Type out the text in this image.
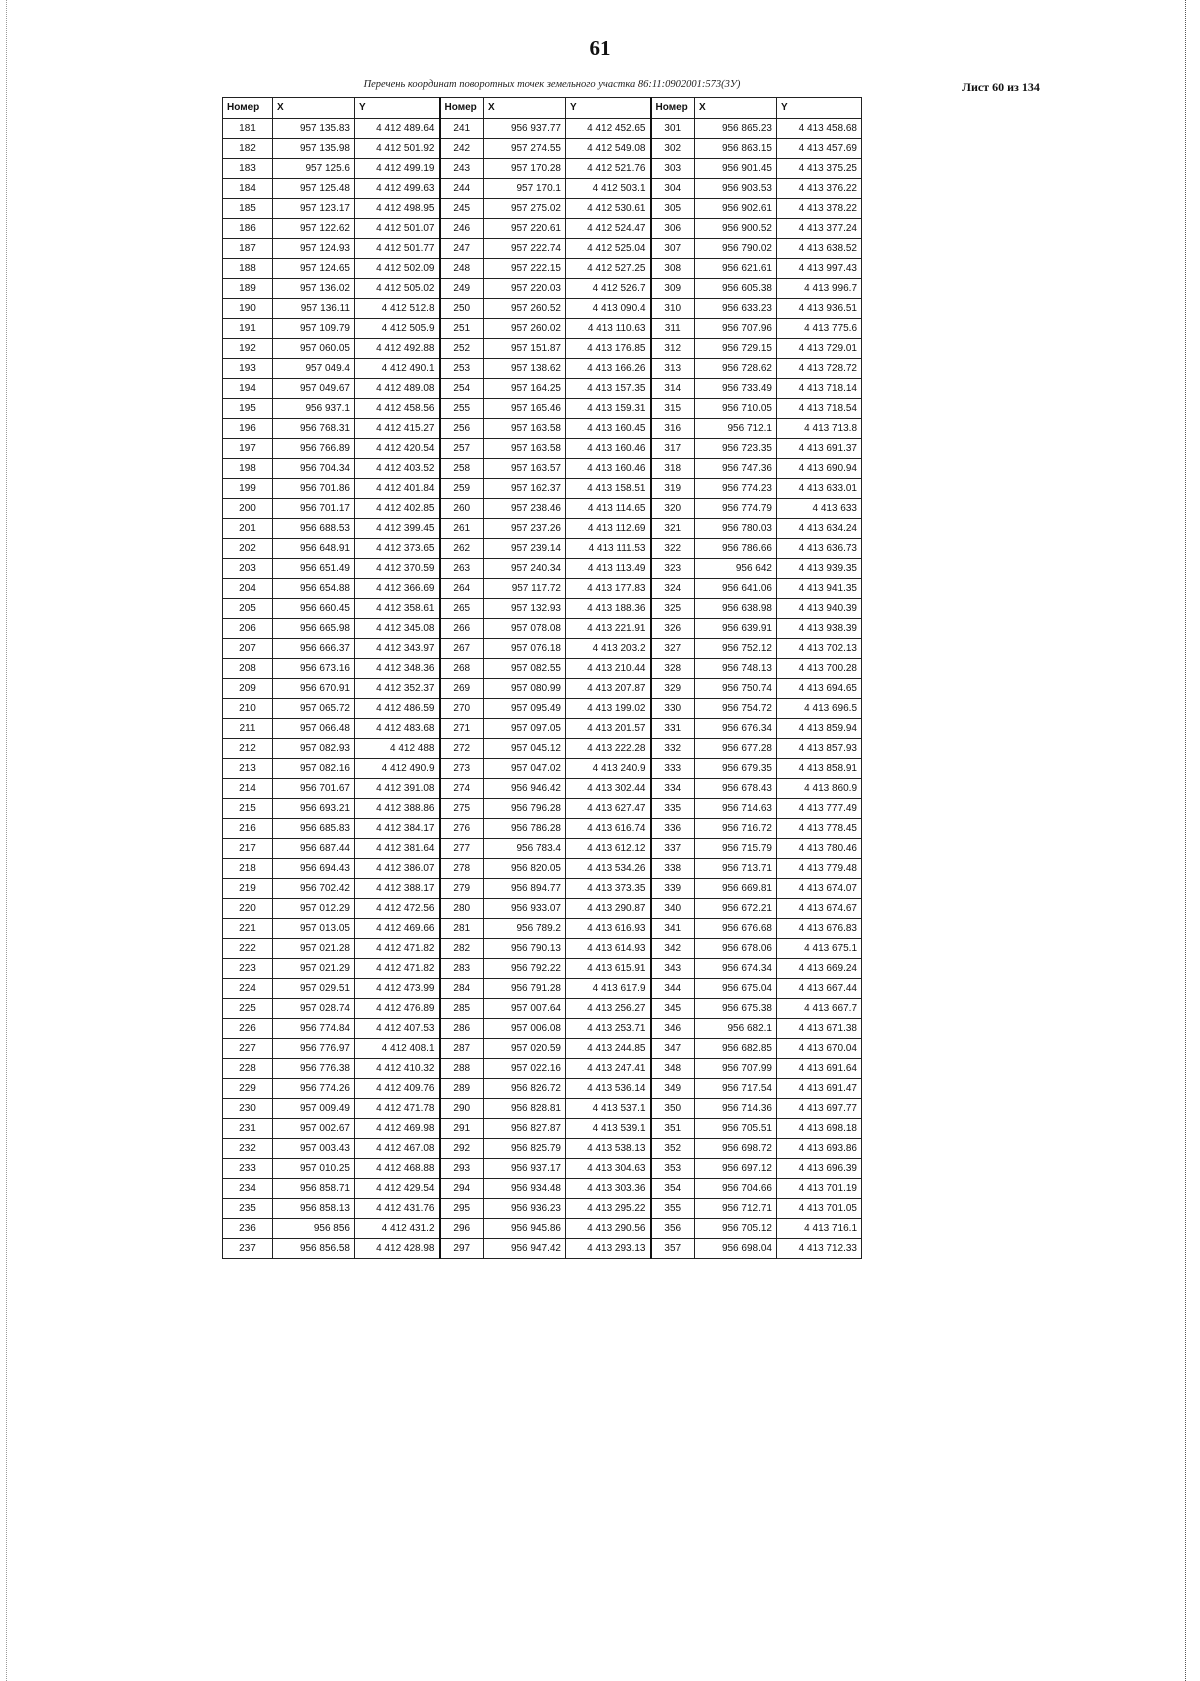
61
Перечень координат поворотных точек земельного участка 86:11:0902001:573(3У)	Лист 60 из 134
Номер	X	Y	Номер	X	Y	Номер	X	Y
181	957 135.83	4 412 489.64	241	956 937.77	4 412 452.65	301	956 865.23	4 413 458.68
182	957 135.98	4 412 501.92	242	957 274.55	4 412 549.08	302	956 863.15	4 413 457.69
183	957 125.6	4 412 499.19	243	957 170.28	4 412 521.76	303	956 901.45	4 413 375.25
184	957 125.48	4 412 499.63	244	957 170.1	4 412 503.1	304	956 903.53	4 413 376.22
185	957 123.17	4 412 498.95	245	957 275.02	4 412 530.61	305	956 902.61	4 413 378.22
186	957 122.62	4 412 501.07	246	957 220.61	4 412 524.47	306	956 900.52	4 413 377.24
187	957 124.93	4 412 501.77	247	957 222.74	4 412 525.04	307	956 790.02	4 413 638.52
188	957 124.65	4 412 502.09	248	957 222.15	4 412 527.25	308	956 621.61	4 413 997.43
189	957 136.02	4 412 505.02	249	957 220.03	4 412 526.7	309	956 605.38	4 413 996.7
190	957 136.11	4 412 512.8	250	957 260.52	4 413 090.4	310	956 633.23	4 413 936.51
191	957 109.79	4 412 505.9	251	957 260.02	4 413 110.63	311	956 707.96	4 413 775.6
192	957 060.05	4 412 492.88	252	957 151.87	4 413 176.85	312	956 729.15	4 413 729.01
193	957 049.4	4 412 490.1	253	957 138.62	4 413 166.26	313	956 728.62	4 413 728.72
194	957 049.67	4 412 489.08	254	957 164.25	4 413 157.35	314	956 733.49	4 413 718.14
195	956 937.1	4 412 458.56	255	957 165.46	4 413 159.31	315	956 710.05	4 413 718.54
196	956 768.31	4 412 415.27	256	957 163.58	4 413 160.45	316	956 712.1	4 413 713.8
197	956 766.89	4 412 420.54	257	957 163.58	4 413 160.46	317	956 723.35	4 413 691.37
198	956 704.34	4 412 403.52	258	957 163.57	4 413 160.46	318	956 747.36	4 413 690.94
199	956 701.86	4 412 401.84	259	957 162.37	4 413 158.51	319	956 774.23	4 413 633.01
200	956 701.17	4 412 402.85	260	957 238.46	4 413 114.65	320	956 774.79	4 413 633
201	956 688.53	4 412 399.45	261	957 237.26	4 413 112.69	321	956 780.03	4 413 634.24
202	956 648.91	4 412 373.65	262	957 239.14	4 413 111.53	322	956 786.66	4 413 636.73
203	956 651.49	4 412 370.59	263	957 240.34	4 413 113.49	323	956 642	4 413 939.35
204	956 654.88	4 412 366.69	264	957 117.72	4 413 177.83	324	956 641.06	4 413 941.35
205	956 660.45	4 412 358.61	265	957 132.93	4 413 188.36	325	956 638.98	4 413 940.39
206	956 665.98	4 412 345.08	266	957 078.08	4 413 221.91	326	956 639.91	4 413 938.39
207	956 666.37	4 412 343.97	267	957 076.18	4 413 203.2	327	956 752.12	4 413 702.13
208	956 673.16	4 412 348.36	268	957 082.55	4 413 210.44	328	956 748.13	4 413 700.28
209	956 670.91	4 412 352.37	269	957 080.99	4 413 207.87	329	956 750.74	4 413 694.65
210	957 065.72	4 412 486.59	270	957 095.49	4 413 199.02	330	956 754.72	4 413 696.5
211	957 066.48	4 412 483.68	271	957 097.05	4 413 201.57	331	956 676.34	4 413 859.94
212	957 082.93	4 412 488	272	957 045.12	4 413 222.28	332	956 677.28	4 413 857.93
213	957 082.16	4 412 490.9	273	957 047.02	4 413 240.9	333	956 679.35	4 413 858.91
214	956 701.67	4 412 391.08	274	956 946.42	4 413 302.44	334	956 678.43	4 413 860.9
215	956 693.21	4 412 388.86	275	956 796.28	4 413 627.47	335	956 714.63	4 413 777.49
216	956 685.83	4 412 384.17	276	956 786.28	4 413 616.74	336	956 716.72	4 413 778.45
217	956 687.44	4 412 381.64	277	956 783.4	4 413 612.12	337	956 715.79	4 413 780.46
218	956 694.43	4 412 386.07	278	956 820.05	4 413 534.26	338	956 713.71	4 413 779.48
219	956 702.42	4 412 388.17	279	956 894.77	4 413 373.35	339	956 669.81	4 413 674.07
220	957 012.29	4 412 472.56	280	956 933.07	4 413 290.87	340	956 672.21	4 413 674.67
221	957 013.05	4 412 469.66	281	956 789.2	4 413 616.93	341	956 676.68	4 413 676.83
222	957 021.28	4 412 471.82	282	956 790.13	4 413 614.93	342	956 678.06	4 413 675.1
223	957 021.29	4 412 471.82	283	956 792.22	4 413 615.91	343	956 674.34	4 413 669.24
224	957 029.51	4 412 473.99	284	956 791.28	4 413 617.9	344	956 675.04	4 413 667.44
225	957 028.74	4 412 476.89	285	957 007.64	4 413 256.27	345	956 675.38	4 413 667.7
226	956 774.84	4 412 407.53	286	957 006.08	4 413 253.71	346	956 682.1	4 413 671.38
227	956 776.97	4 412 408.1	287	957 020.59	4 413 244.85	347	956 682.85	4 413 670.04
228	956 776.38	4 412 410.32	288	957 022.16	4 413 247.41	348	956 707.99	4 413 691.64
229	956 774.26	4 412 409.76	289	956 826.72	4 413 536.14	349	956 717.54	4 413 691.47
230	957 009.49	4 412 471.78	290	956 828.81	4 413 537.1	350	956 714.36	4 413 697.77
231	957 002.67	4 412 469.98	291	956 827.87	4 413 539.1	351	956 705.51	4 413 698.18
232	957 003.43	4 412 467.08	292	956 825.79	4 413 538.13	352	956 698.72	4 413 693.86
233	957 010.25	4 412 468.88	293	956 937.17	4 413 304.63	353	956 697.12	4 413 696.39
234	956 858.71	4 412 429.54	294	956 934.48	4 413 303.36	354	956 704.66	4 413 701.19
235	956 858.13	4 412 431.76	295	956 936.23	4 413 295.22	355	956 712.71	4 413 701.05
236	956 856	4 412 431.2	296	956 945.86	4 413 290.56	356	956 705.12	4 413 716.1
237	956 856.58	4 412 428.98	297	956 947.42	4 413 293.13	357	956 698.04	4 413 712.33
